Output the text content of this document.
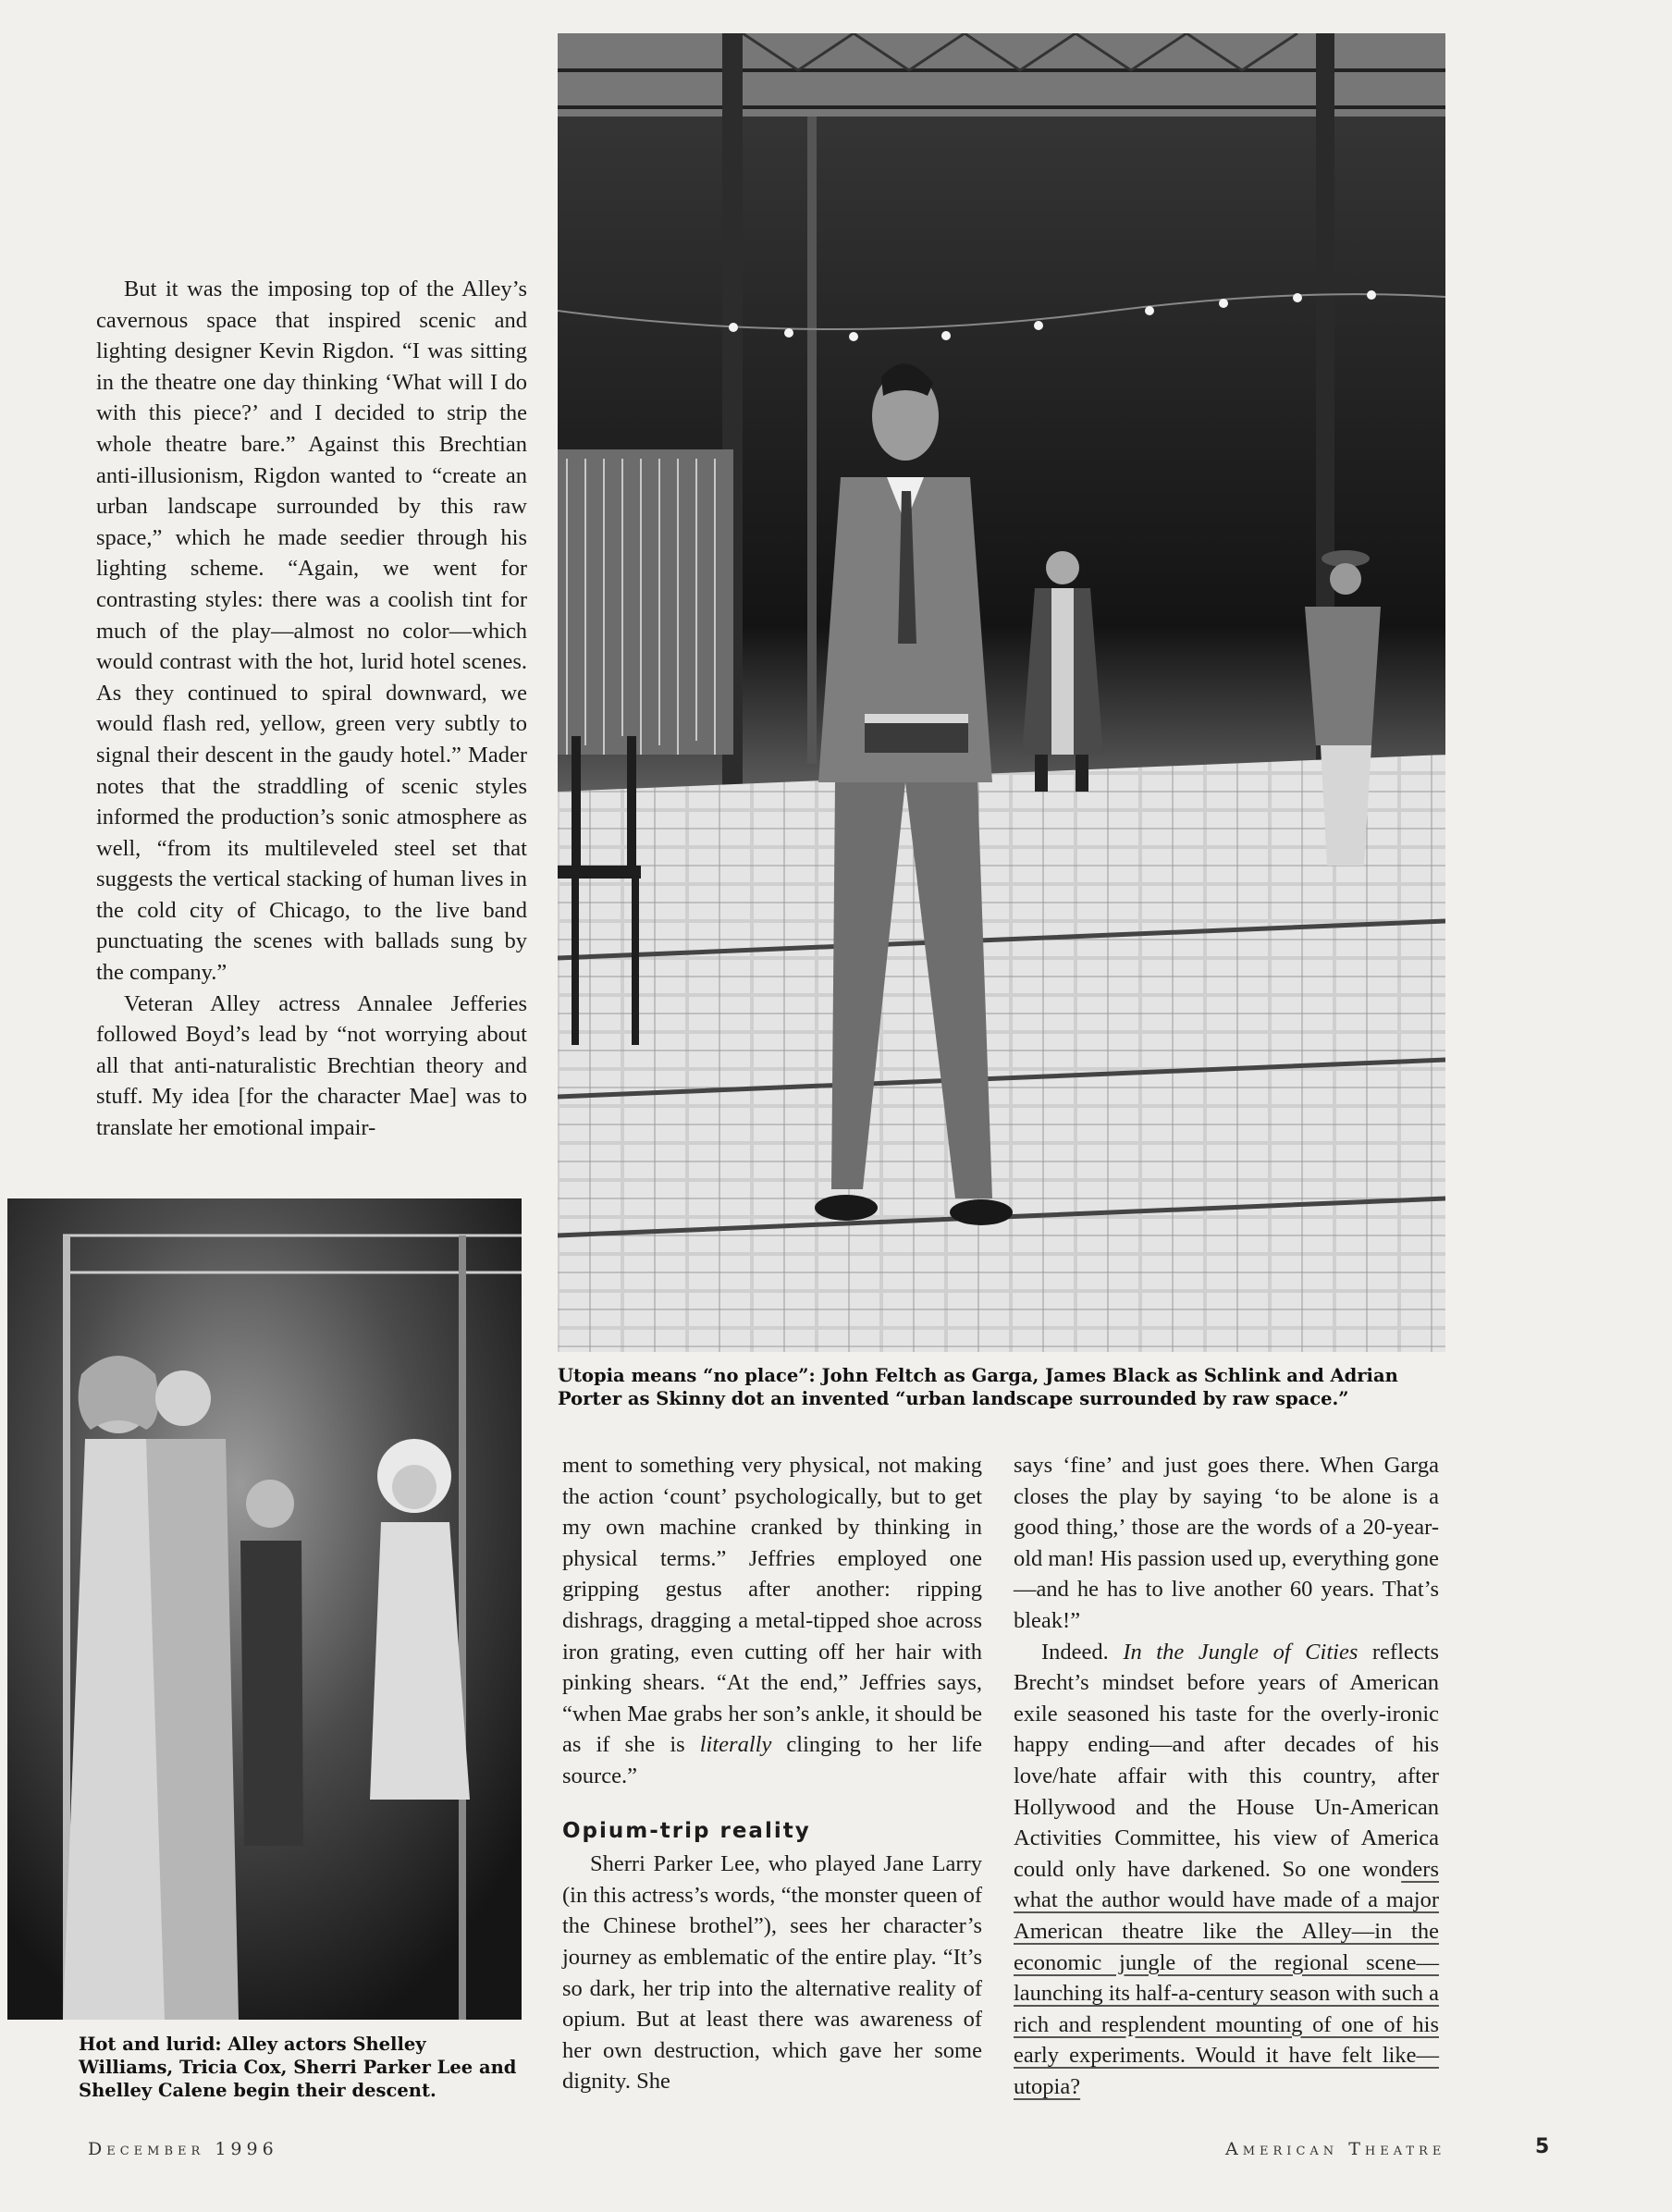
But it was the imposing top of the Alley’s cavernous space that inspired scenic and lighting designer Kevin Rigdon. “I was sitting in the theatre one day thinking ‘What will I do with this piece?’ and I decided to strip the whole theatre bare.” Against this Brechtian anti-illusionism, Rigdon wanted to “create an urban landscape surrounded by this raw space,” which he made seedier through his lighting scheme. “Again, we went for contrasting styles: there was a coolish tint for much of the play—almost no color—which would contrast with the hot, lurid hotel scenes. As they continued to spiral downward, we would flash red, yellow, green very subtly to signal their descent in the gaudy hotel.” Mader notes that the straddling of scenic styles informed the production’s sonic atmosphere as well, “from its multileveled steel set that suggests the vertical stacking of human lives in the cold city of Chicago, to the live band punctuating the scenes with ballads sung by the company.”

Veteran Alley actress Annalee Jefferies followed Boyd’s lead by “not worrying about all that anti-naturalistic Brechtian theory and stuff. My idea [for the character Mae] was to translate her emotional impair-

Utopia means “no place”: John Feltch as Garga, James Black as Schlink and Adrian Porter as Skinny dot an invented “urban landscape surrounded by raw space.”

ment to something very physical, not making the action ‘count’ psychologically, but to get my own machine cranked by thinking in physical terms.” Jeffries employed one gripping gestus after another: ripping dishrags, dragging a metal-tipped shoe across iron grating, even cutting off her hair with pinking shears. “At the end,” Jeffries says, “when Mae grabs her son’s ankle, it should be as if she is literally clinging to her life source.”

Opium-trip reality

Sherri Parker Lee, who played Jane Larry (in this actress’s words, “the monster queen of the Chinese brothel”), sees her character’s journey as emblematic of the entire play. “It’s so dark, her trip into the alternative reality of opium. But at least there was awareness of her own destruction, which gave her some dignity. She

says ‘fine’ and just goes there. When Garga closes the play by saying ‘to be alone is a good thing,’ those are the words of a 20-year-old man! His passion used up, everything gone—and he has to live another 60 years. That’s bleak!”

Indeed. In the Jungle of Cities reflects Brecht’s mindset before years of American exile seasoned his taste for the overly-ironic happy ending—and after decades of his love/hate affair with this country, after Hollywood and the House Un-American Activities Committee, his view of America could only have darkened. So one wonders what the author would have made of a major American theatre like the Alley—in the economic jungle of the regional scene—launching its half-a-century season with such a rich and resplendent mounting of one of his early experiments. Would it have felt like—utopia?

Hot and lurid: Alley actors Shelley Williams, Tricia Cox, Sherri Parker Lee and Shelley Calene begin their descent.
December 1996	American Theatre	5
